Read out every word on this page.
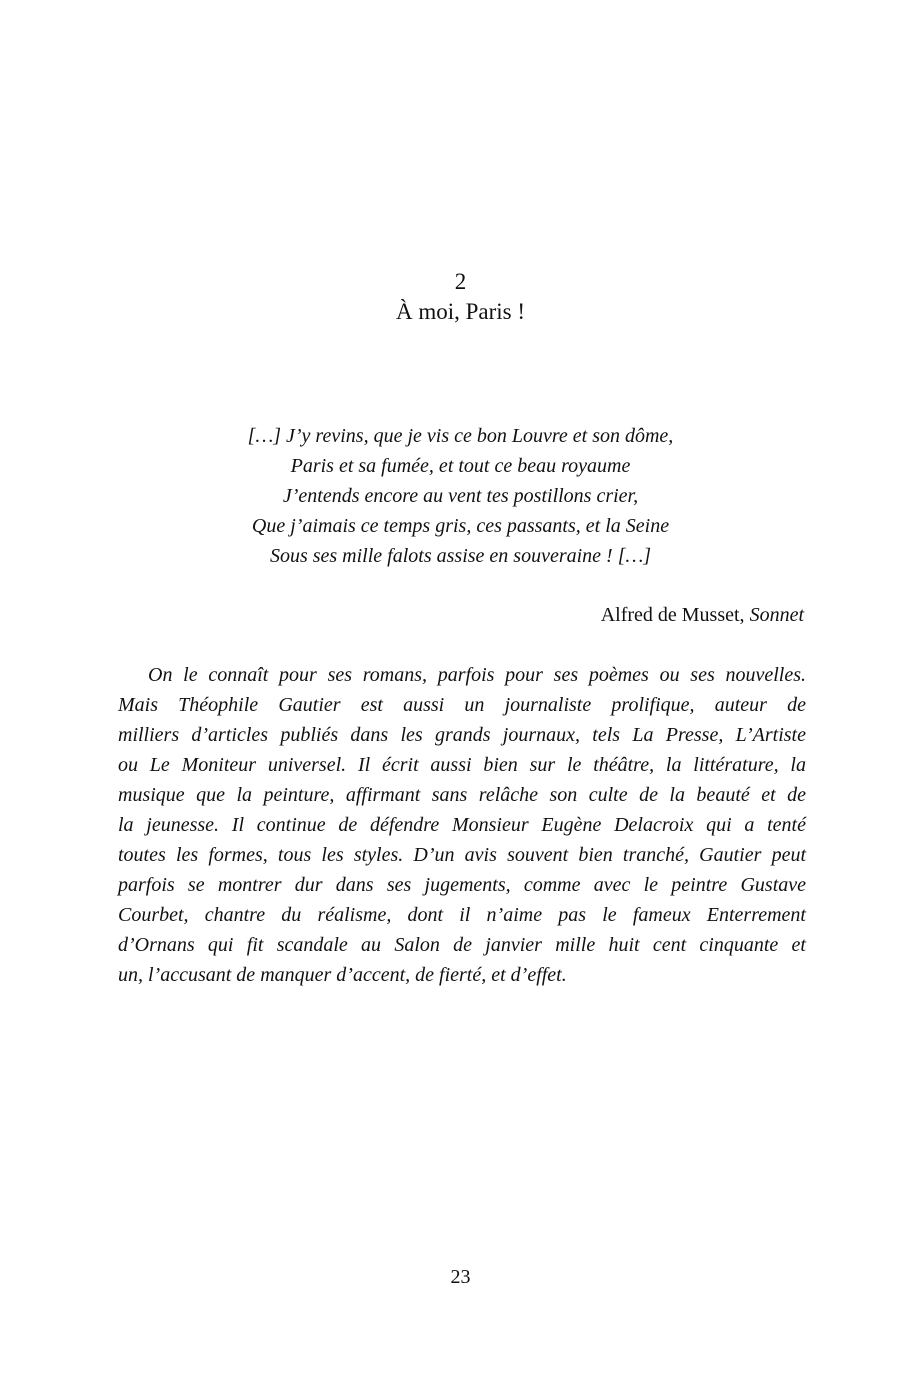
2
À moi, Paris !
[…] J’y revins, que je vis ce bon Louvre et son dôme,
Paris et sa fumée, et tout ce beau royaume
J’entends encore au vent tes postillons crier,
Que j’aimais ce temps gris, ces passants, et la Seine
Sous ses mille falots assise en souveraine ! […]
Alfred de Musset, Sonnet
On le connaît pour ses romans, parfois pour ses poèmes ou ses nouvelles.
Mais Théophile Gautier est aussi un journaliste prolifique, auteur de
milliers d’articles publiés dans les grands journaux, tels La Presse, L’Artiste
ou Le Moniteur universel. Il écrit aussi bien sur le théâtre, la littérature, la
musique que la peinture, affirmant sans relâche son culte de la beauté et de
la jeunesse. Il continue de défendre Monsieur Eugène Delacroix qui a tenté
toutes les formes, tous les styles. D’un avis souvent bien tranché, Gautier peut
parfois se montrer dur dans ses jugements, comme avec le peintre Gustave
Courbet, chantre du réalisme, dont il n’aime pas le fameux Enterrement
d’Ornans qui fit scandale au Salon de janvier mille huit cent cinquante et
un, l’accusant de manquer d’accent, de fierté, et d’effet.
23
